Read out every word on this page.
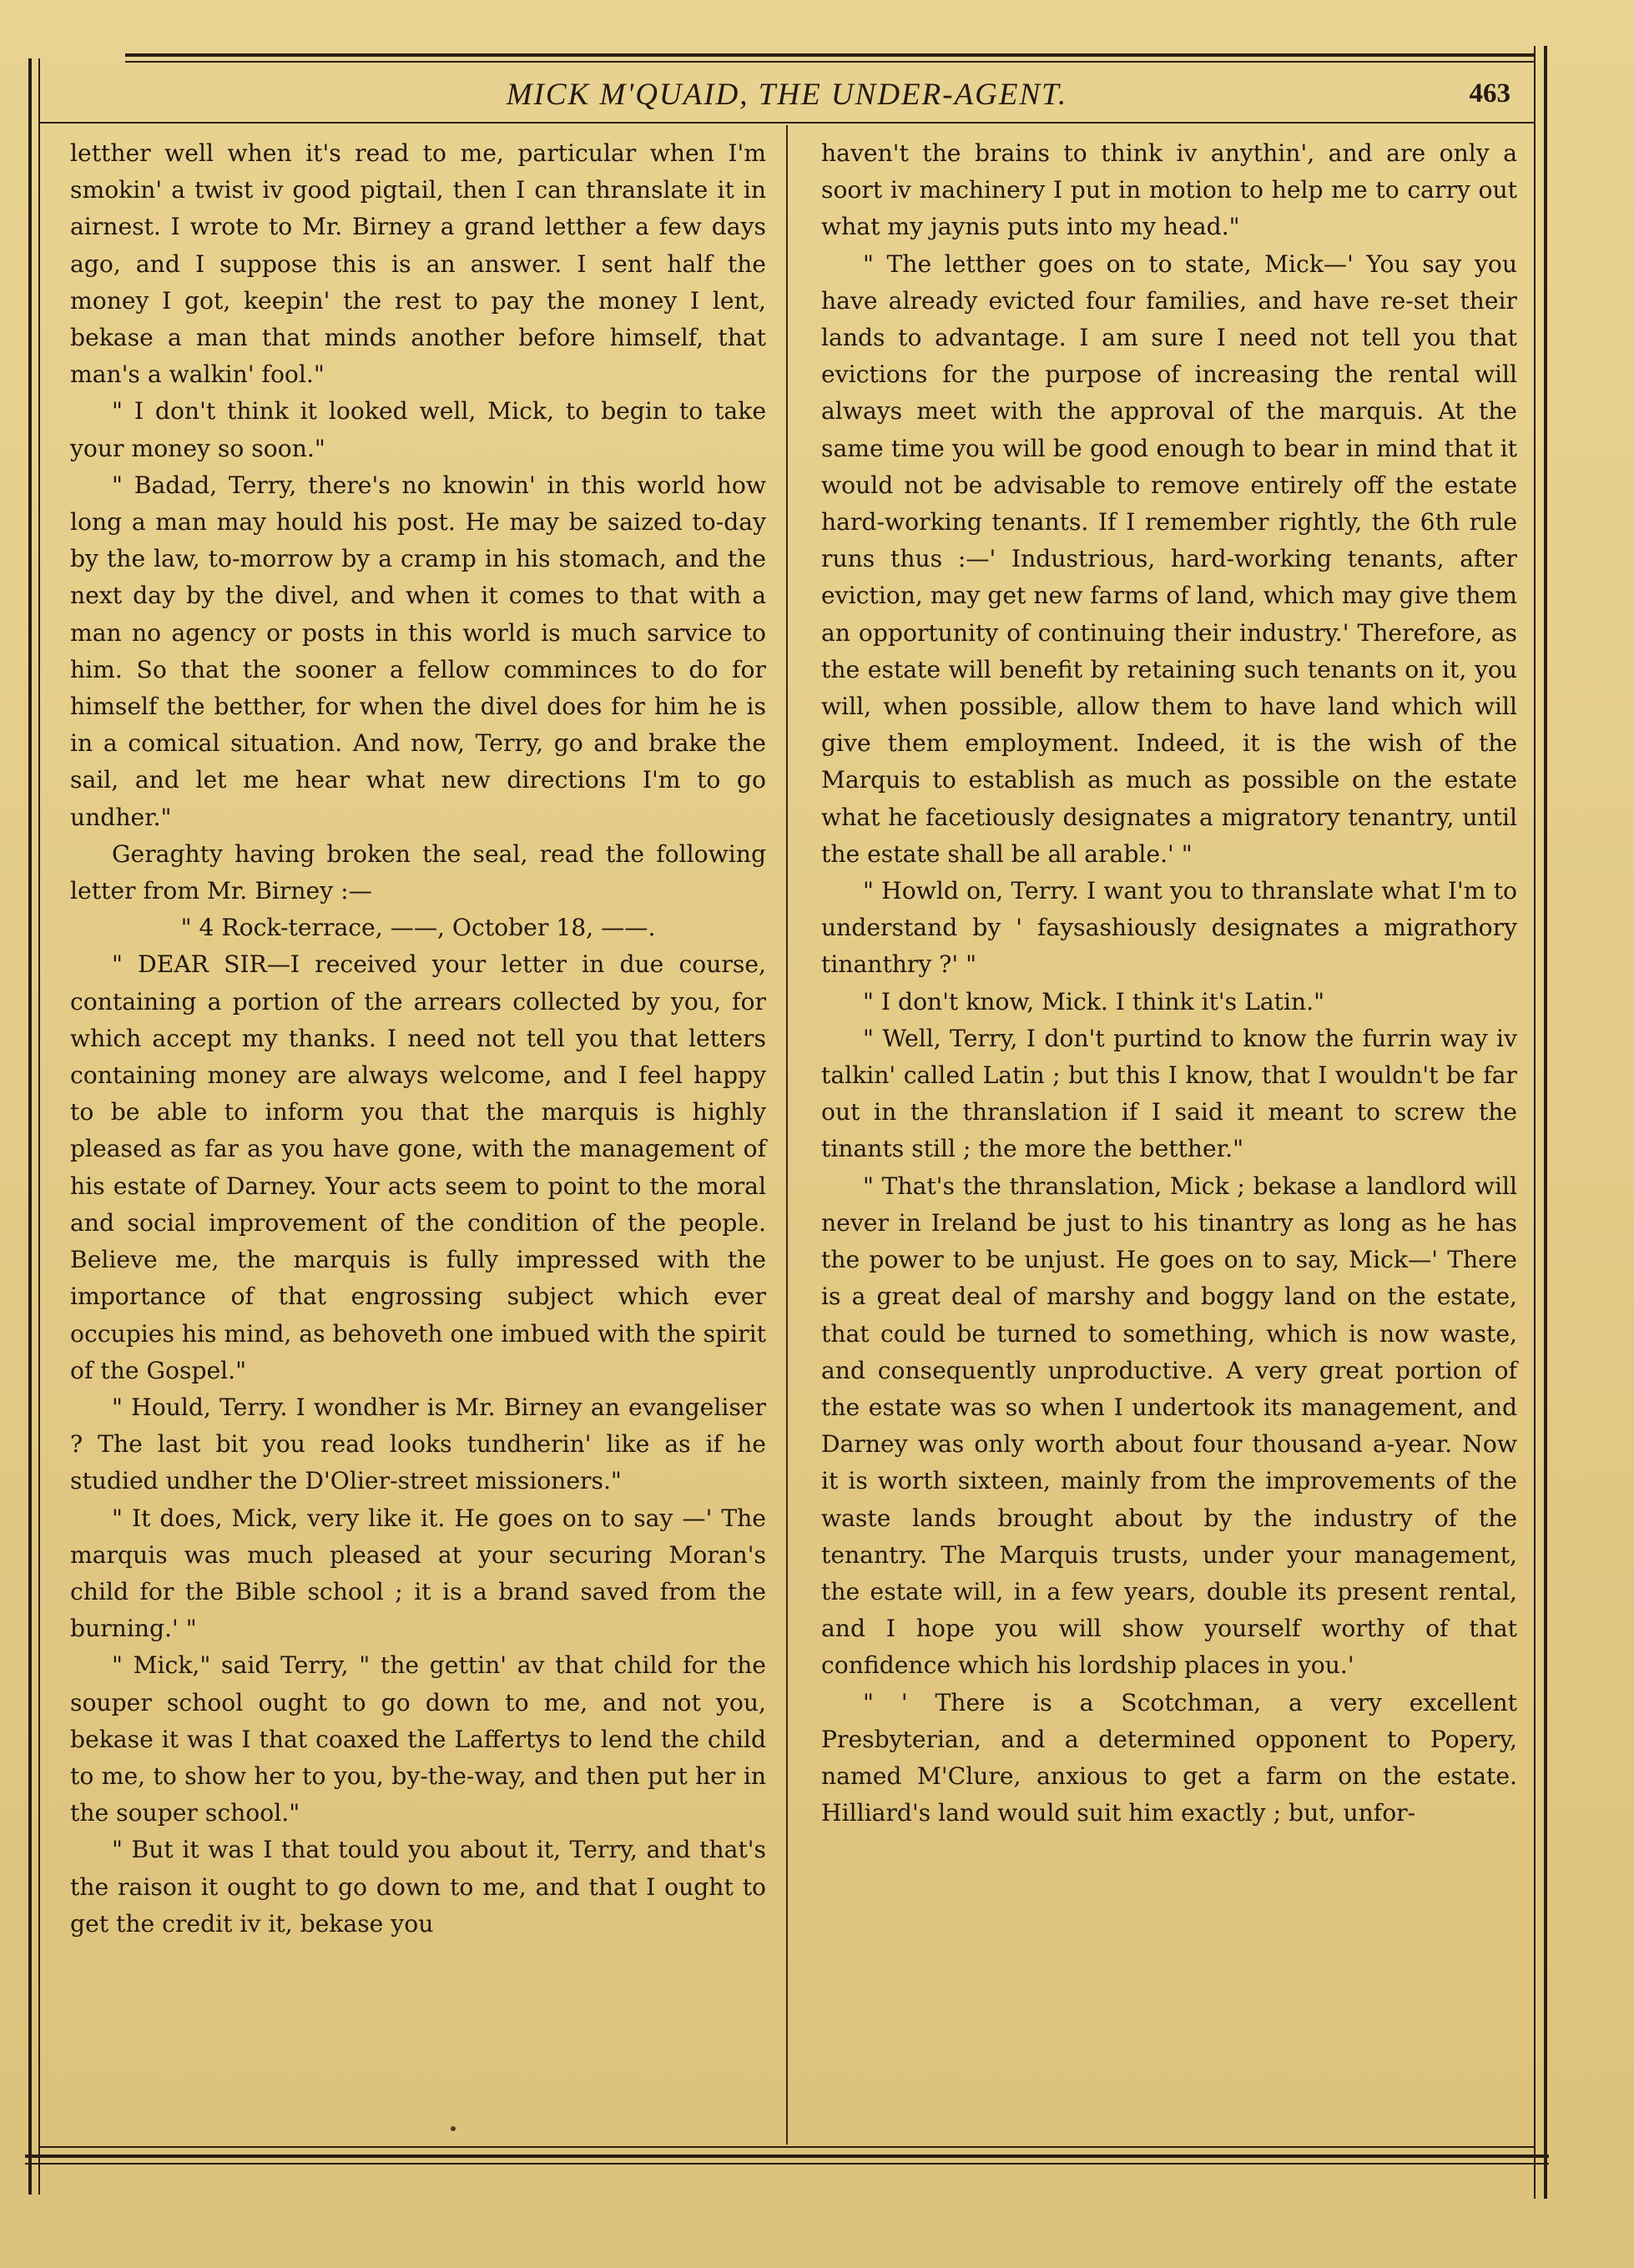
MICK M'QUAID, THE UNDER-AGENT.	463

letther well when it's read to me, particular when I'm smokin' a twist iv good pigtail, then I can thranslate it in airnest. I wrote to Mr. Birney a grand letther a few days ago, and I suppose this is an answer. I sent half the money I got, keepin' the rest to pay the money I lent, bekase a man that minds another before himself, that man's a walkin' fool."

" I don't think it looked well, Mick, to begin to take your money so soon."

" Badad, Terry, there's no knowin' in this world how long a man may hould his post. He may be saized to-day by the law, to-morrow by a cramp in his stomach, and the next day by the divel, and when it comes to that with a man no agency or posts in this world is much sarvice to him. So that the sooner a fellow comminces to do for himself the betther, for when the divel does for him he is in a comical situation. And now, Terry, go and brake the sail, and let me hear what new directions I'm to go undher."

Geraghty having broken the seal, read the following letter from Mr. Birney :—

" 4 Rock-terrace, ——, October 18, ——.

" DEAR SIR—I received your letter in due course, containing a portion of the arrears collected by you, for which accept my thanks. I need not tell you that letters containing money are always welcome, and I feel happy to be able to inform you that the marquis is highly pleased as far as you have gone, with the management of his estate of Darney. Your acts seem to point to the moral and social improvement of the condition of the people. Believe me, the marquis is fully impressed with the importance of that engrossing subject which ever occupies his mind, as behoveth one imbued with the spirit of the Gospel."

" Hould, Terry. I wondher is Mr. Birney an evangeliser ? The last bit you read looks tundherin' like as if he studied undher the D'Olier-street missioners."

" It does, Mick, very like it. He goes on to say —' The marquis was much pleased at your securing Moran's child for the Bible school ; it is a brand saved from the burning.' "

" Mick," said Terry, " the gettin' av that child for the souper school ought to go down to me, and not you, bekase it was I that coaxed the Laffertys to lend the child to me, to show her to you, by-the-way, and then put her in the souper school."

" But it was I that tould you about it, Terry, and that's the raison it ought to go down to me, and that I ought to get the credit iv it, bekase you

haven't the brains to think iv anythin', and are only a soort iv machinery I put in motion to help me to carry out what my jaynis puts into my head."

" The letther goes on to state, Mick—' You say you have already evicted four families, and have re-set their lands to advantage. I am sure I need not tell you that evictions for the purpose of increasing the rental will always meet with the approval of the marquis. At the same time you will be good enough to bear in mind that it would not be advisable to remove entirely off the estate hard-working tenants. If I remember rightly, the 6th rule runs thus :—' Industrious, hard-working tenants, after eviction, may get new farms of land, which may give them an opportunity of continuing their industry.' Therefore, as the estate will benefit by retaining such tenants on it, you will, when possible, allow them to have land which will give them employment. Indeed, it is the wish of the Marquis to establish as much as possible on the estate what he facetiously designates a migratory tenantry, until the estate shall be all arable.' "

" Howld on, Terry. I want you to thranslate what I'm to understand by ' faysashiously designates a migrathory tinanthry ?' "

" I don't know, Mick. I think it's Latin."

" Well, Terry, I don't purtind to know the furrin way iv talkin' called Latin ; but this I know, that I wouldn't be far out in the thranslation if I said it meant to screw the tinants still ; the more the betther."

" That's the thranslation, Mick ; bekase a landlord will never in Ireland be just to his tinantry as long as he has the power to be unjust. He goes on to say, Mick—' There is a great deal of marshy and boggy land on the estate, that could be turned to something, which is now waste, and consequently unproductive. A very great portion of the estate was so when I undertook its management, and Darney was only worth about four thousand a-year. Now it is worth sixteen, mainly from the improvements of the waste lands brought about by the industry of the tenantry. The Marquis trusts, under your management, the estate will, in a few years, double its present rental, and I hope you will show yourself worthy of that confidence which his lordship places in you.'

" ' There is a Scotchman, a very excellent Presbyterian, and a determined opponent to Popery, named M'Clure, anxious to get a farm on the estate. Hilliard's land would suit him exactly ; but, unfor-
